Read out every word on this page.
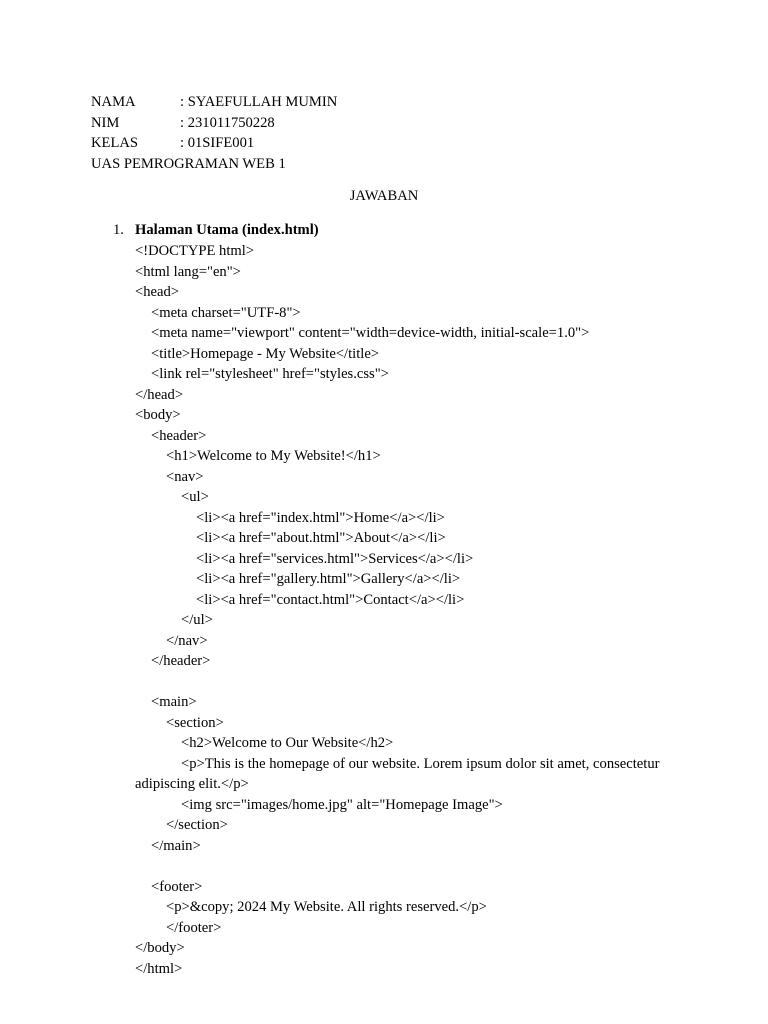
NAMA	: SYAEFULLAH MUMIN
NIM	: 231011750228
KELAS	: 01SIFE001
UAS PEMROGRAMAN WEB 1
JAWABAN
1. Halaman Utama (index.html)
<!DOCTYPE html>
<html lang="en">
<head>
<meta charset="UTF-8">
<meta name="viewport" content="width=device-width, initial-scale=1.0">
<title>Homepage - My Website</title>
<link rel="stylesheet" href="styles.css">
</head>
<body>
<header>
<h1>Welcome to My Website!</h1>
<nav>
<ul>
<li><a href="index.html">Home</a></li>
<li><a href="about.html">About</a></li>
<li><a href="services.html">Services</a></li>
<li><a href="gallery.html">Gallery</a></li>
<li><a href="contact.html">Contact</a></li>
</ul>
</nav>
</header>
<main>
<section>
<h2>Welcome to Our Website</h2>
<p>This is the homepage of our website. Lorem ipsum dolor sit amet, consectetur
adipiscing elit.</p>
<img src="images/home.jpg" alt="Homepage Image">
</section>
</main>
<footer>
<p>&copy; 2024 My Website. All rights reserved.</p>
</footer>
</body>
</html>
